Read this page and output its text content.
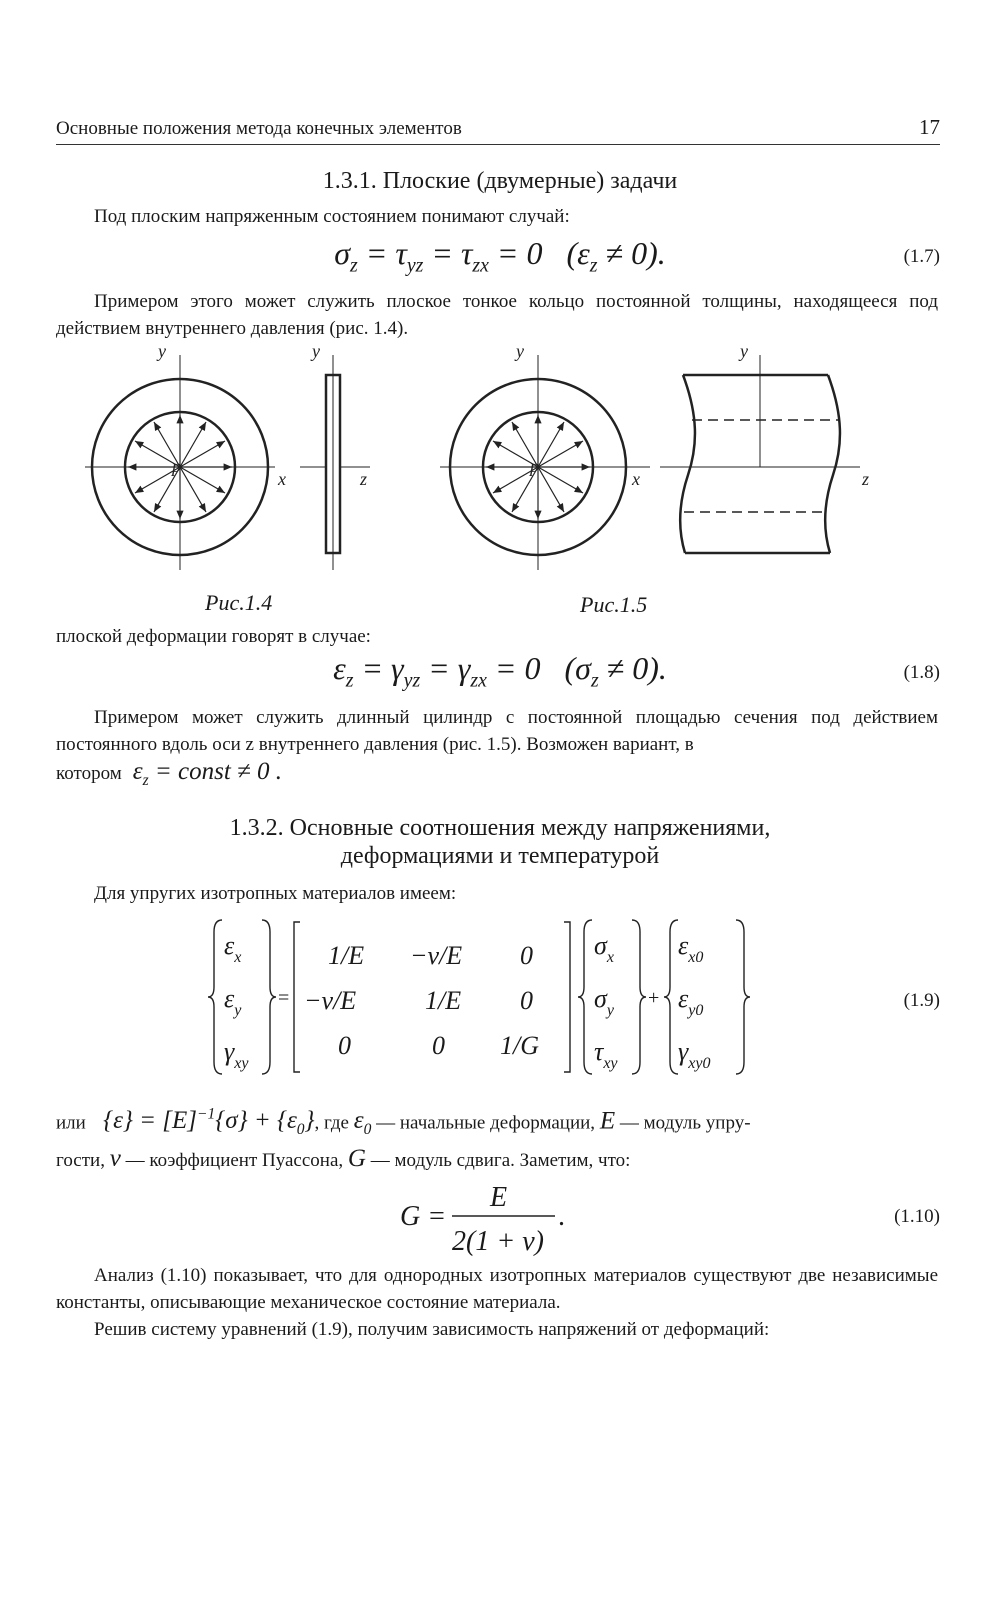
Основные положения метода конечных элементов	17
1.3.1. Плоские (двумерные) задачи
Под плоским напряженным состоянием понимают случай:
$\sigma_z = \tau_{yz} = \tau_{zx} = 0$   $(\varepsilon_z \ne 0)$.	(1.7)
Примером этого может служить плоское тонкое кольцо постоянной толщины, находящееся под действием внутреннего давления (рис. 1.4).
y
x
p
y
z
y
x
p
y
z
Рис.1.4	Рис.1.5
плоской деформации говорят в случае:
$\varepsilon_z = \gamma_{yz} = \gamma_{zx} = 0$   $(\sigma_z \ne 0)$.	(1.8)
Примером может служить длинный цилиндр с постоянной площадью сечения под действием постоянного вдоль оси z внутреннего давления (рис. 1.5). Возможен вариант, в
котором  $\varepsilon_z$ = const ≠ 0 .
1.3.2. Основные соотношения между напряжениями,
деформациями и температурой
Для упругих изотропных материалов имеем:
$\varepsilon_x$
$\varepsilon_y$
$\gamma_{xy}$
=
1/E −ν/E 0
−ν/E	1/E 0
0	0 1/G
$\sigma_x$
$\sigma_y$
$\tau_{xy}$
+
$\varepsilon_{x0}$
$\varepsilon_{y0}$
$\gamma_{xy0}$
(1.9)
или   $\{\varepsilon\} = [E]^{-1}\{\sigma\} + \{\varepsilon_0\}$, где $\varepsilon_0$ — начальные деформации, E — модуль упру-
гости, ν — коэффициент Пуассона, G — модуль сдвига. Заметим, что:
G =
E
2(1 + ν)
.	(1.10)
Анализ (1.10) показывает, что для однородных изотропных материалов существуют две независимые константы, описывающие механическое состояние материала.
Решив систему уравнений (1.9), получим зависимость напряжений от деформаций:
